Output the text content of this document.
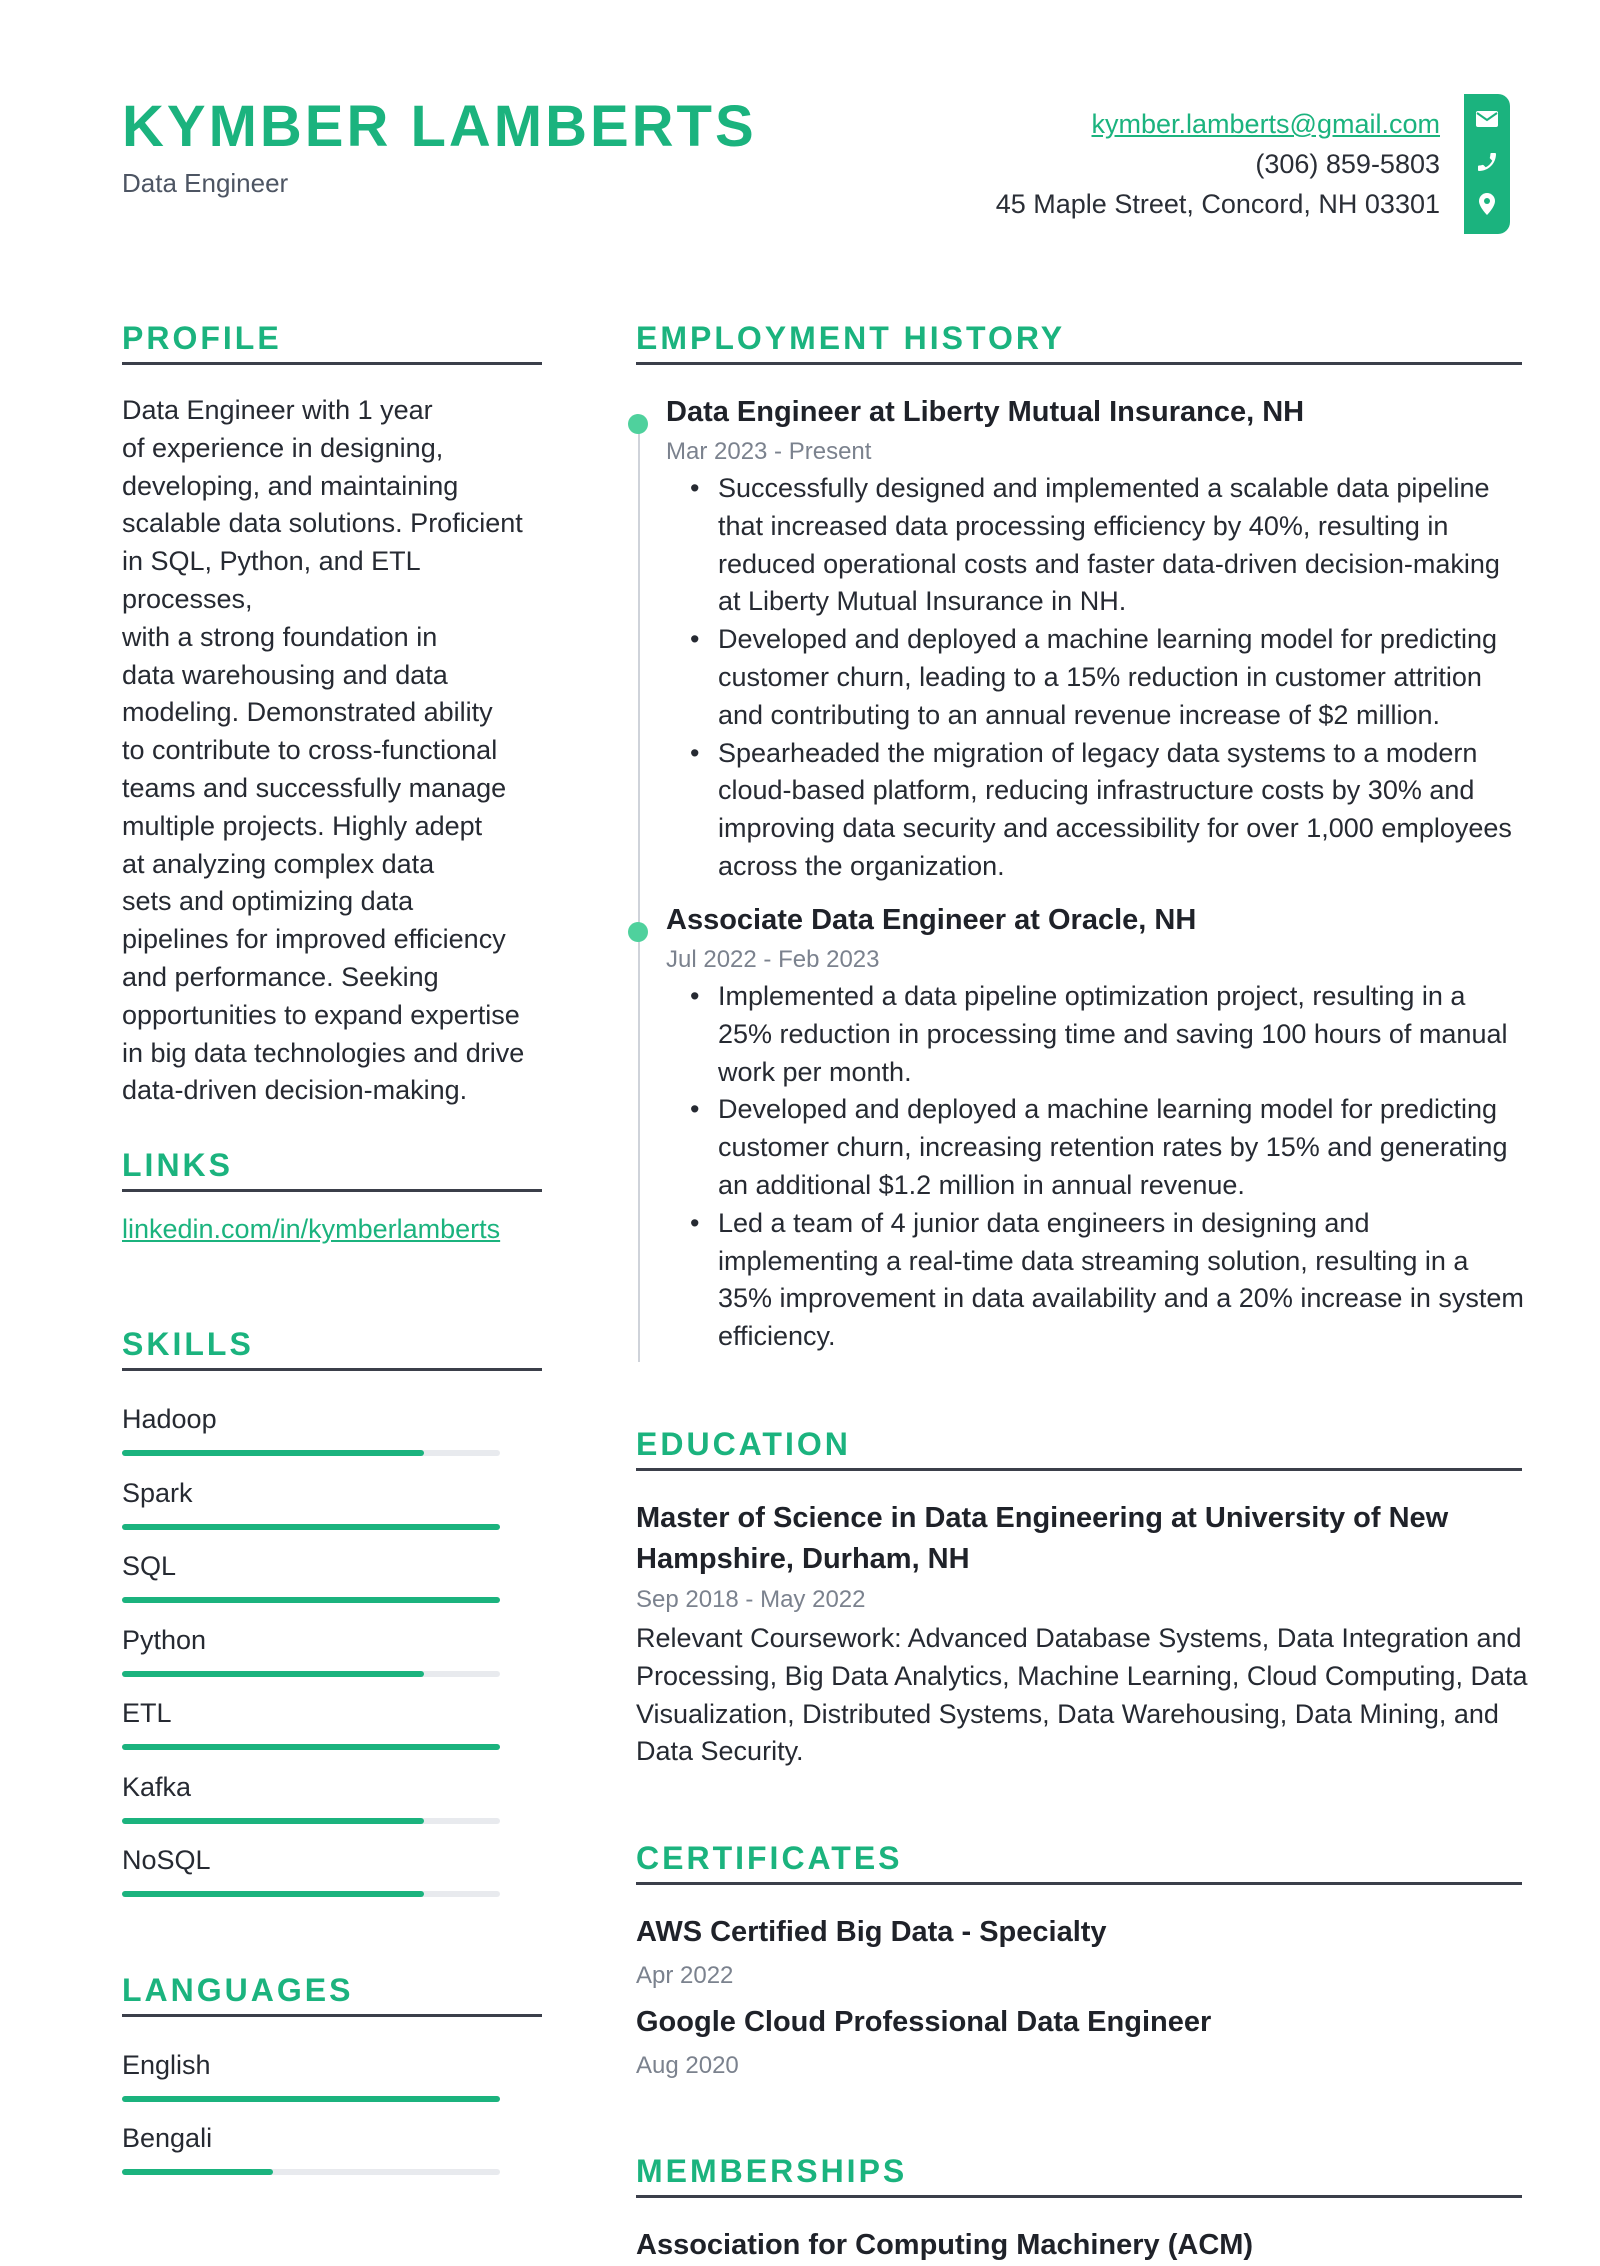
KYMBER LAMBERTS
Data Engineer
kymber.lamberts@gmail.com
(306) 859-5803
45 Maple Street, Concord, NH 03301
PROFILE
Data Engineer with 1 year
of experience in designing,
developing, and maintaining
scalable data solutions. Proficient
in SQL, Python, and ETL processes,
with a strong foundation in
data warehousing and data
modeling. Demonstrated ability
to contribute to cross-functional
teams and successfully manage
multiple projects. Highly adept
at analyzing complex data
sets and optimizing data
pipelines for improved efficiency
and performance. Seeking
opportunities to expand expertise
in big data technologies and drive
data-driven decision-making.
LINKS
linkedin.com/in/kymberlamberts
SKILLS
Hadoop
Spark
SQL
Python
ETL
Kafka
NoSQL
LANGUAGES
English
Bengali
EMPLOYMENT HISTORY
Data Engineer at Liberty Mutual Insurance, NH
Mar 2023 - Present
• Successfully designed and implemented a scalable data pipeline
that increased data processing efficiency by 40%, resulting in
reduced operational costs and faster data-driven decision-making
at Liberty Mutual Insurance in NH.
• Developed and deployed a machine learning model for predicting
customer churn, leading to a 15% reduction in customer attrition
and contributing to an annual revenue increase of $2 million.
• Spearheaded the migration of legacy data systems to a modern
cloud-based platform, reducing infrastructure costs by 30% and
improving data security and accessibility for over 1,000 employees
across the organization.
Associate Data Engineer at Oracle, NH
Jul 2022 - Feb 2023
• Implemented a data pipeline optimization project, resulting in a
25% reduction in processing time and saving 100 hours of manual
work per month.
• Developed and deployed a machine learning model for predicting
customer churn, increasing retention rates by 15% and generating
an additional $1.2 million in annual revenue.
• Led a team of 4 junior data engineers in designing and
implementing a real-time data streaming solution, resulting in a
35% improvement in data availability and a 20% increase in system
efficiency.
EDUCATION
Master of Science in Data Engineering at University of New
Hampshire, Durham, NH
Sep 2018 - May 2022
Relevant Coursework: Advanced Database Systems, Data Integration and
Processing, Big Data Analytics, Machine Learning, Cloud Computing, Data
Visualization, Distributed Systems, Data Warehousing, Data Mining, and
Data Security.
CERTIFICATES
AWS Certified Big Data - Specialty
Apr 2022
Google Cloud Professional Data Engineer
Aug 2020
MEMBERSHIPS
Association for Computing Machinery (ACM)
